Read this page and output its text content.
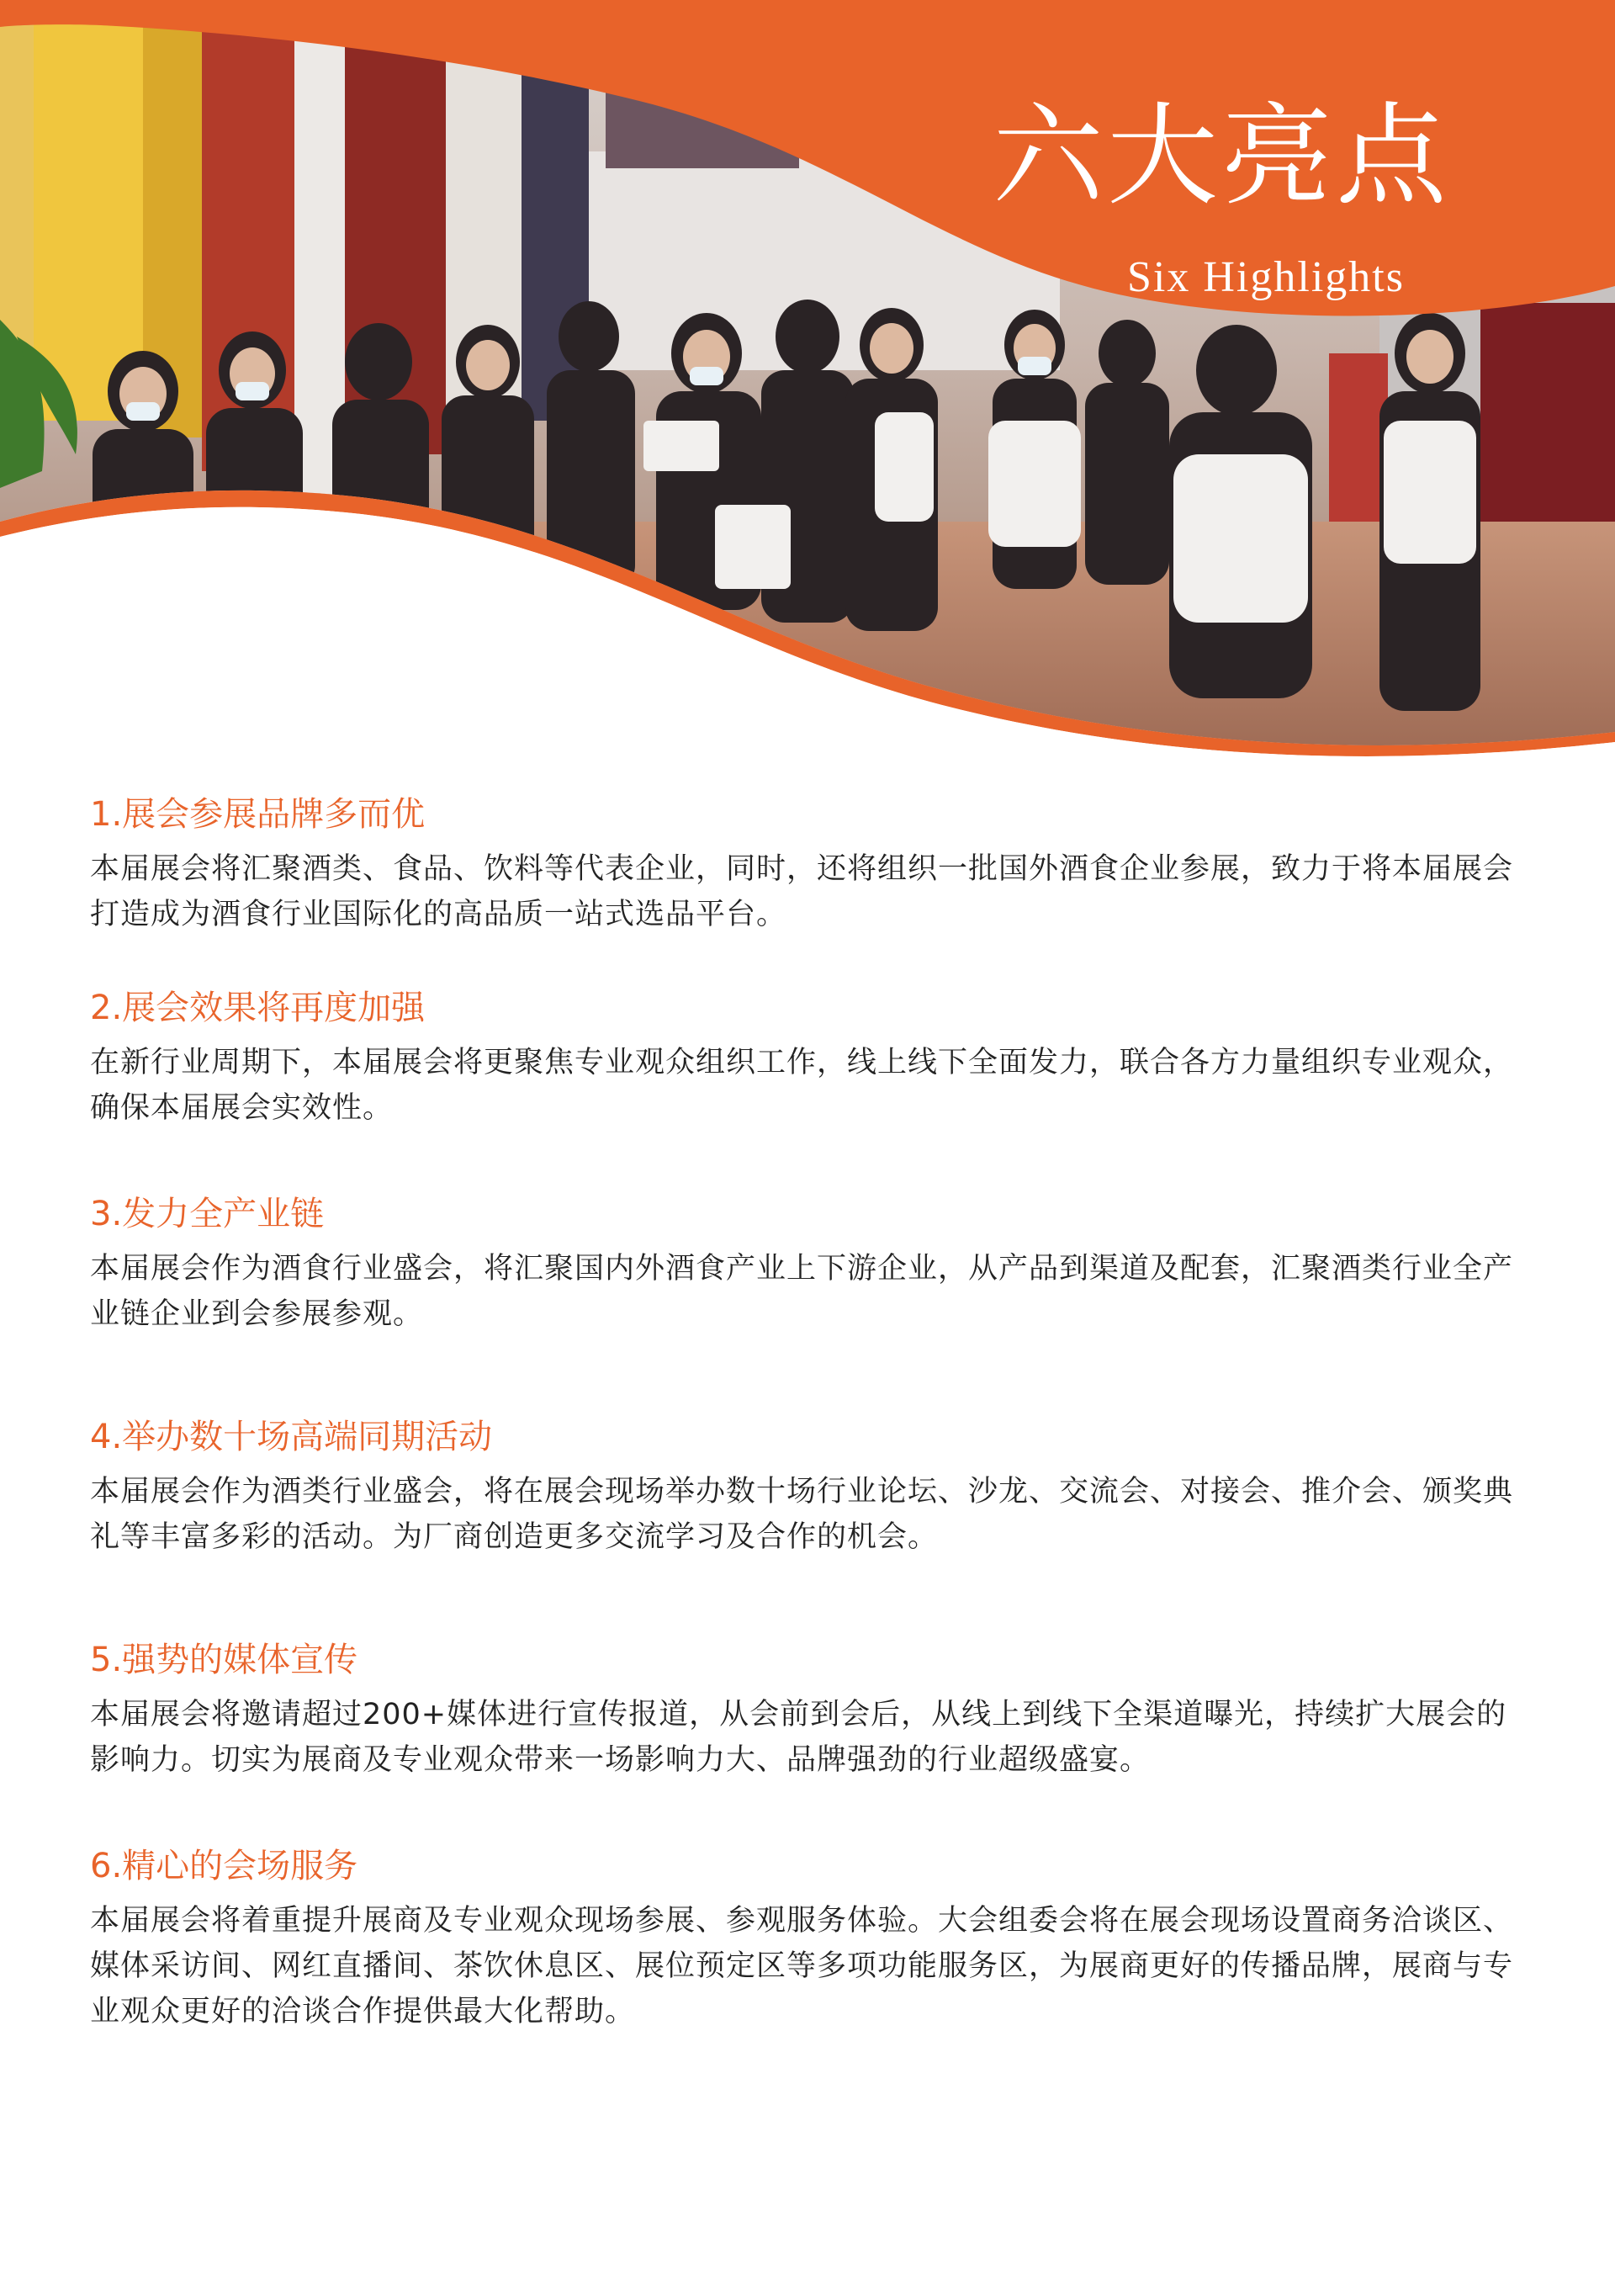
六大亮点
Six Highlights
1.展会参展品牌多而优

本届展会将汇聚酒类、食品、饮料等代表企业，同时，还将组织一批国外酒食企业参展，致力于将本届展会打造成为酒食行业国际化的高品质一站式选品平台。

2.展会效果将再度加强

在新行业周期下，本届展会将更聚焦专业观众组织工作，线上线下全面发力，联合各方力量组织专业观众，确保本届展会实效性。

3.发力全产业链

本届展会作为酒食行业盛会，将汇聚国内外酒食产业上下游企业，从产品到渠道及配套，汇聚酒类行业全产业链企业到会参展参观。

4.举办数十场高端同期活动

本届展会作为酒类行业盛会，将在展会现场举办数十场行业论坛、沙龙、交流会、对接会、推介会、颁奖典礼等丰富多彩的活动。为厂商创造更多交流学习及合作的机会。

5.强势的媒体宣传

本届展会将邀请超过200+媒体进行宣传报道，从会前到会后，从线上到线下全渠道曝光，持续扩大展会的影响力。切实为展商及专业观众带来一场影响力大、品牌强劲的行业超级盛宴。

6.精心的会场服务

本届展会将着重提升展商及专业观众现场参展、参观服务体验。大会组委会将在展会现场设置商务洽谈区、媒体采访间、网红直播间、茶饮休息区、展位预定区等多项功能服务区，为展商更好的传播品牌，展商与专业观众更好的洽谈合作提供最大化帮助。
